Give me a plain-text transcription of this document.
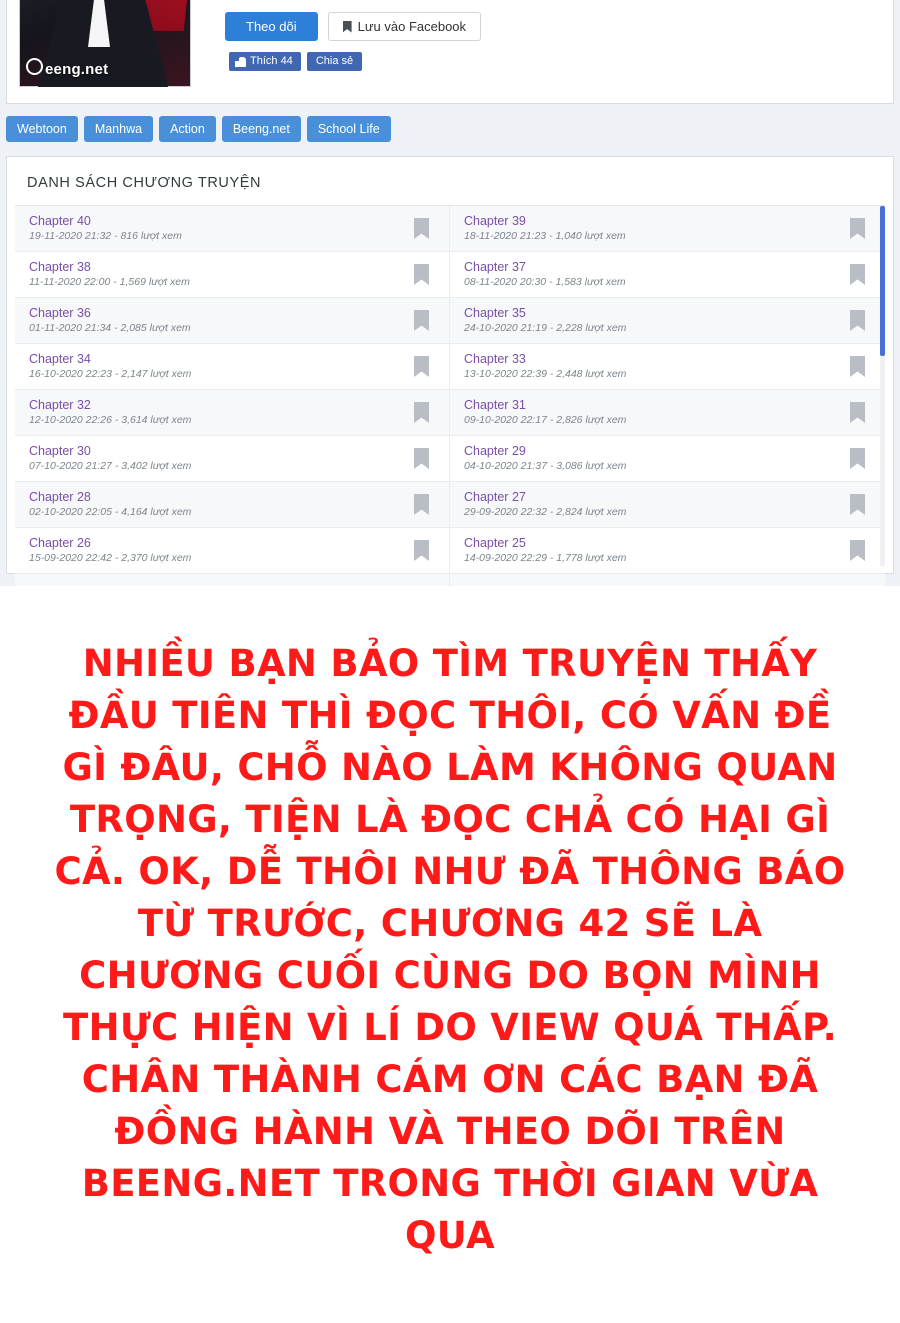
eeng.net
Theo dõi	Lưu vào Facebook
Thích 44	Chia sẻ
Webtoon	Manhwa	Action	Beeng.net	School Life
DANH SÁCH CHƯƠNG TRUYỆN
Chapter 40
19-11-2020 21:32 - 816 lượt xem
Chapter 39
18-11-2020 21:23 - 1,040 lượt xem
Chapter 38
11-11-2020 22:00 - 1,569 lượt xem
Chapter 37
08-11-2020 20:30 - 1,583 lượt xem
Chapter 36
01-11-2020 21:34 - 2,085 lượt xem
Chapter 35
24-10-2020 21:19 - 2,228 lượt xem
Chapter 34
16-10-2020 22:23 - 2,147 lượt xem
Chapter 33
13-10-2020 22:39 - 2,448 lượt xem
Chapter 32
12-10-2020 22:26 - 3,614 lượt xem
Chapter 31
09-10-2020 22:17 - 2,826 lượt xem
Chapter 30
07-10-2020 21:27 - 3,402 lượt xem
Chapter 29
04-10-2020 21:37 - 3,086 lượt xem
Chapter 28
02-10-2020 22:05 - 4,164 lượt xem
Chapter 27
29-09-2020 22:32 - 2,824 lượt xem
Chapter 26
15-09-2020 22:42 - 2,370 lượt xem
Chapter 25
14-09-2020 22:29 - 1,778 lượt xem
NHIỀU BẠN BẢO TÌM TRUYỆN THẤY ĐẦU TIÊN THÌ ĐỌC THÔI, CÓ VẤN ĐỀ GÌ ĐÂU, CHỖ NÀO LÀM KHÔNG QUAN TRỌNG, TIỆN LÀ ĐỌC CHẢ CÓ HẠI GÌ CẢ. OK, DỄ THÔI NHƯ ĐÃ THÔNG BÁO TỪ TRƯỚC, CHƯƠNG 42 SẼ LÀ CHƯƠNG CUỐI CÙNG DO BỌN MÌNH THỰC HIỆN VÌ LÍ DO VIEW QUÁ THẤP. CHÂN THÀNH CÁM ƠN CÁC BẠN ĐÃ ĐỒNG HÀNH VÀ THEO DÕI TRÊN BEENG.NET TRONG THỜI GIAN VỪA QUA
